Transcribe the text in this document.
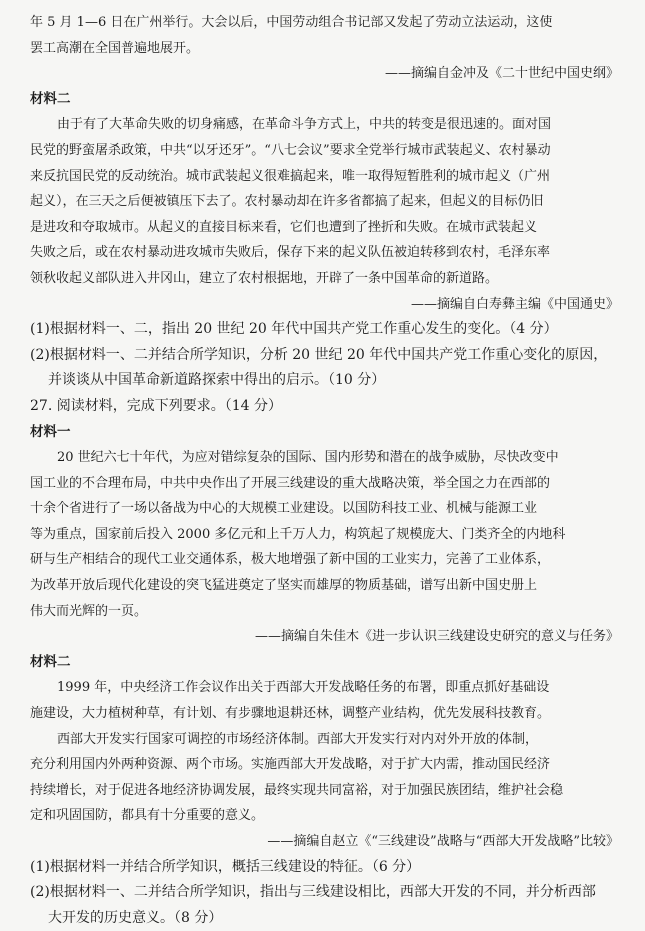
年 5 月 1—6 日在广州举行。大会以后，中国劳动组合书记部又发起了劳动立法运动，这使
罢工高潮在全国普遍地展开。
——摘编自金冲及《二十世纪中国史纲》
材料二
由于有了大革命失败的切身痛感，在革命斗争方式上，中共的转变是很迅速的。面对国
民党的野蛮屠杀政策，中共“以牙还牙”。“八七会议”要求全党举行城市武装起义、农村暴动
来反抗国民党的反动统治。城市武装起义很难搞起来，唯一取得短暂胜利的城市起义（广州
起义），在三天之后便被镇压下去了。农村暴动却在许多省都搞了起来，但起义的目标仍旧
是进攻和夺取城市。从起义的直接目标来看，它们也遭到了挫折和失败。在城市武装起义
失败之后，或在农村暴动进攻城市失败后，保存下来的起义队伍被迫转移到农村，毛泽东率
领秋收起义部队进入井冈山，建立了农村根据地，开辟了一条中国革命的新道路。
——摘编自白寿彝主编《中国通史》
(1)根据材料一、二，指出 20 世纪 20 年代中国共产党工作重心发生的变化。（4 分）
(2)根据材料一、二并结合所学知识，分析 20 世纪 20 年代中国共产党工作重心变化的原因，
并谈谈从中国革命新道路探索中得出的启示。（10 分）
27. 阅读材料，完成下列要求。（14 分）
材料一
20 世纪六七十年代，为应对错综复杂的国际、国内形势和潜在的战争威胁，尽快改变中
国工业的不合理布局，中共中央作出了开展三线建设的重大战略决策，举全国之力在西部的
十余个省进行了一场以备战为中心的大规模工业建设。以国防科技工业、机械与能源工业
等为重点，国家前后投入 2000 多亿元和上千万人力，构筑起了规模庞大、门类齐全的内地科
研与生产相结合的现代工业交通体系，极大地增强了新中国的工业实力，完善了工业体系，
为改革开放后现代化建设的突飞猛进奠定了坚实而雄厚的物质基础，谱写出新中国史册上
伟大而光辉的一页。
——摘编自朱佳木《进一步认识三线建设史研究的意义与任务》
材料二
1999 年，中央经济工作会议作出关于西部大开发战略任务的布署，即重点抓好基础设
施建设，大力植树种草，有计划、有步骤地退耕还林，调整产业结构，优先发展科技教育。
西部大开发实行国家可调控的市场经济体制。西部大开发实行对内对外开放的体制，
充分利用国内外两种资源、两个市场。实施西部大开发战略，对于扩大内需，推动国民经济
持续增长，对于促进各地经济协调发展，最终实现共同富裕，对于加强民族团结，维护社会稳
定和巩固国防，都具有十分重要的意义。
——摘编自赵立《“三线建设”战略与“西部大开发战略”比较》
(1)根据材料一并结合所学知识，概括三线建设的特征。（6 分）
(2)根据材料一、二并结合所学知识，指出与三线建设相比，西部大开发的不同，并分析西部
大开发的历史意义。（8 分）
